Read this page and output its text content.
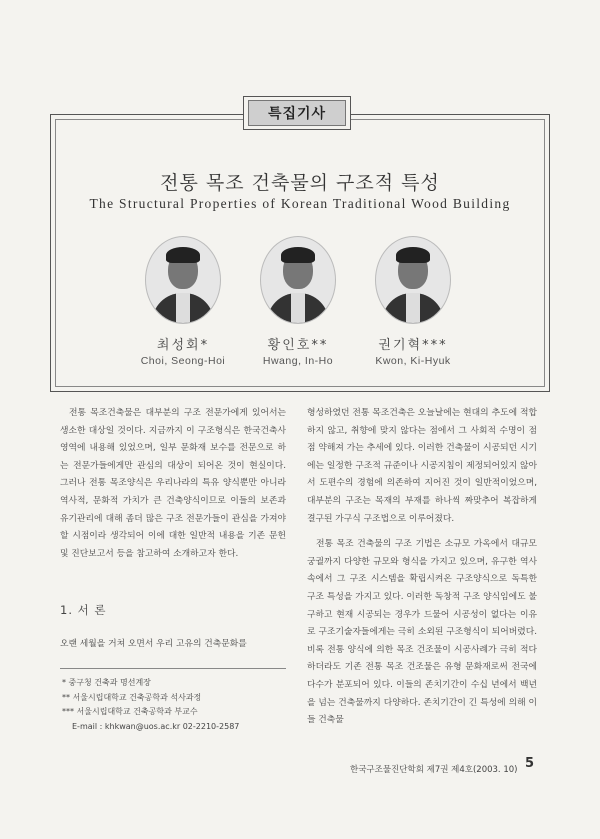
특집기사
전통 목조 건축물의 구조적 특성
The Structural Properties of Korean Traditional Wood Building
최성회*
Choi, Seong-Hoi
황인호**
Hwang, In-Ho
권기혁***
Kwon, Ki-Hyuk

전통 목조건축물은 대부분의 구조 전문가에게 있어서는 생소한 대상일 것이다. 지금까지 이 구조형식은 한국건축사 영역에 내용해 있었으며, 일부 문화재 보수를 전문으로 하는 전문가들에게만 관심의 대상이 되어온 것이 현실이다. 그러나 전통 목조양식은 우리나라의 특유 양식뿐만 아니라 역사적, 문화적 가치가 큰 건축양식이므로 이들의 보존과 유기관리에 대해 좀더 많은 구조 전문가들이 관심을 가져야 할 시점이라 생각되어 이에 대한 일반적 내용을 기존 문헌 및 진단보고서 등을 참고하여 소개하고자 한다.

1. 서 론
오랜 세월을 거쳐 오면서 우리 고유의 건축문화를
* 중구청 건축과 명선계장
** 서울시립대학교 건축공학과 석사과정
*** 서울시립대학교 건축공학과 부교수
E-mail : khkwan@uos.ac.kr 02-2210-2587

형성하였던 전통 목조건축은 오늘날에는 현대의 추도에 적합하지 않고, 취향에 맞지 않다는 점에서 그 사회적 수명이 점점 약해져 가는 추세에 있다. 이러한 건축물이 시공되던 시기에는 일정한 구조적 규준이나 시공지침이 제정되어있지 않아서 도편수의 경험에 의존하여 지어진 것이 일반적이었으며, 대부분의 구조는 목재의 부재를 하나씩 짜맞추어 복잡하게 결구된 가구식 구조법으로 이루어졌다.

전통 목조 건축물의 구조 기법은 소규모 가옥에서 대규모 궁궐까지 다양한 규모와 형식을 가지고 있으며, 유구한 역사 속에서 그 구조 시스템을 확립시켜온 구조양식으로 독특한 구조 특성을 가지고 있다. 이러한 독창적 구조 양식임에도 불구하고 현재 시공되는 경우가 드물어 시공성이 없다는 이유로 구조기술자들에게는 극히 소외된 구조형식이 되어버렸다. 비록 전통 양식에 의한 목조 건조물이 시공사례가 극히 적다하더라도 기존 전통 목조 건조물은 유형 문화재로써 전국에 다수가 분포되어 있다. 이들의 존치기간이 수십 년에서 백년을 넘는 건축물까지 다양하다. 존치기간이 긴 특성에 의해 이들 건축물

한국구조물진단학회 제7권 제4호(2003. 10) 5
